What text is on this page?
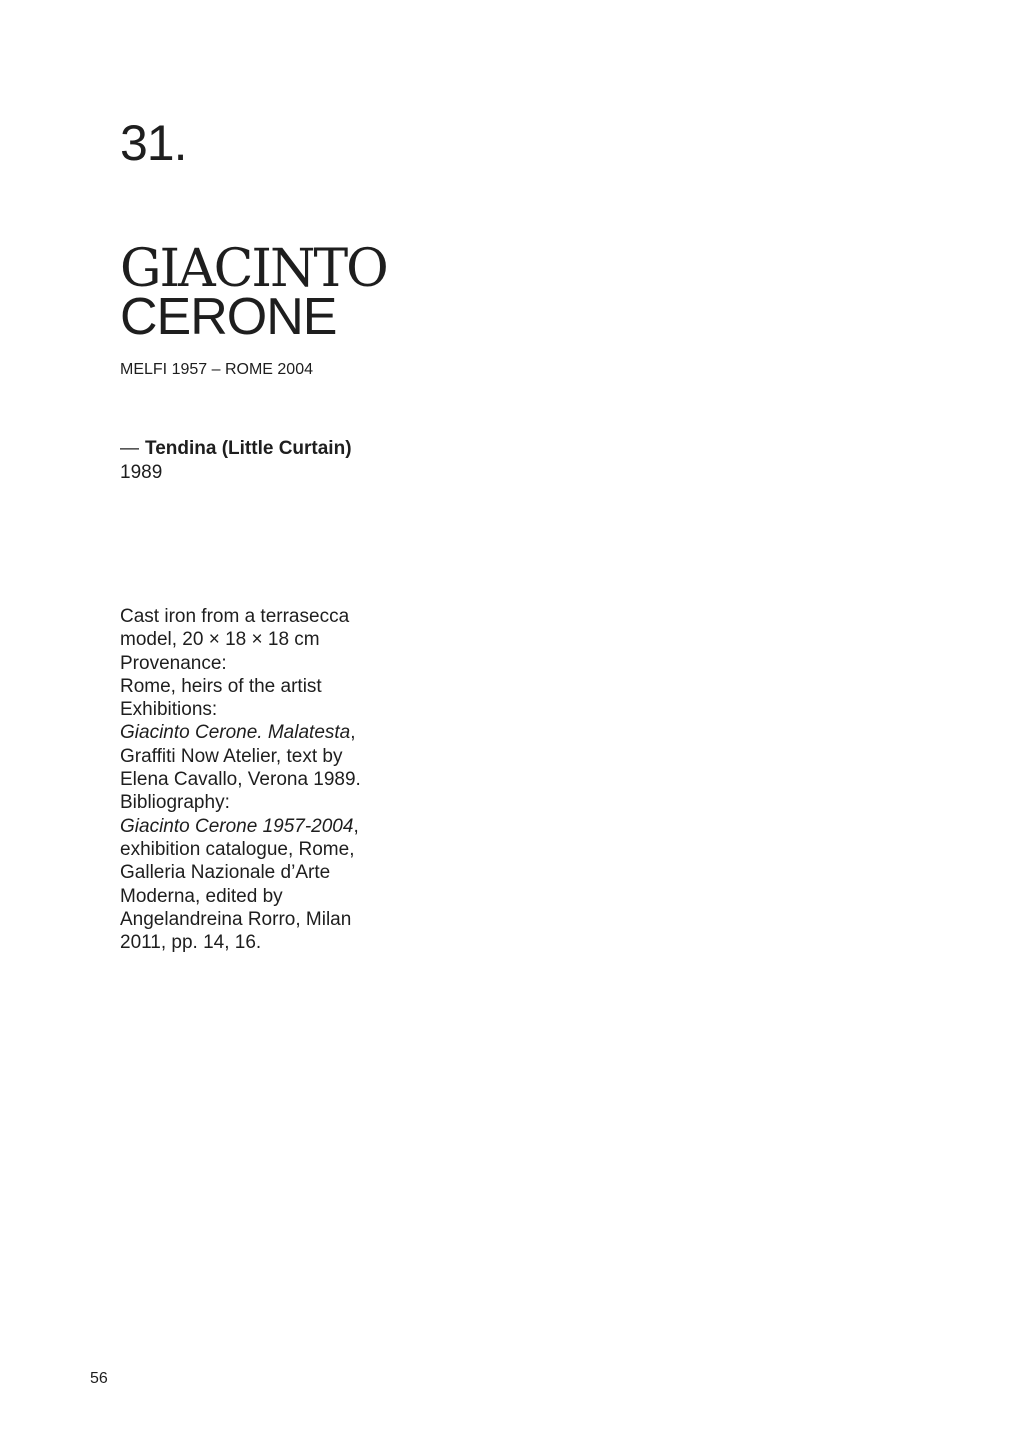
31.
GIACINTO
CERONE
MELFI 1957 – ROME 2004
— Tendina (Little Curtain)
1989

Cast iron from a terrasecca model, 20 × 18 × 18 cm

Provenance:

Rome, heirs of the artist

Exhibitions:

Giacinto Cerone. Malatesta, Graffiti Now Atelier, text by Elena Cavallo, Verona 1989.

Bibliography:

Giacinto Cerone 1957-2004, exhibition catalogue, Rome, Galleria Nazionale d’Arte Moderna, edited by Angelandreina Rorro, Milan 2011, pp. 14, 16.

56
